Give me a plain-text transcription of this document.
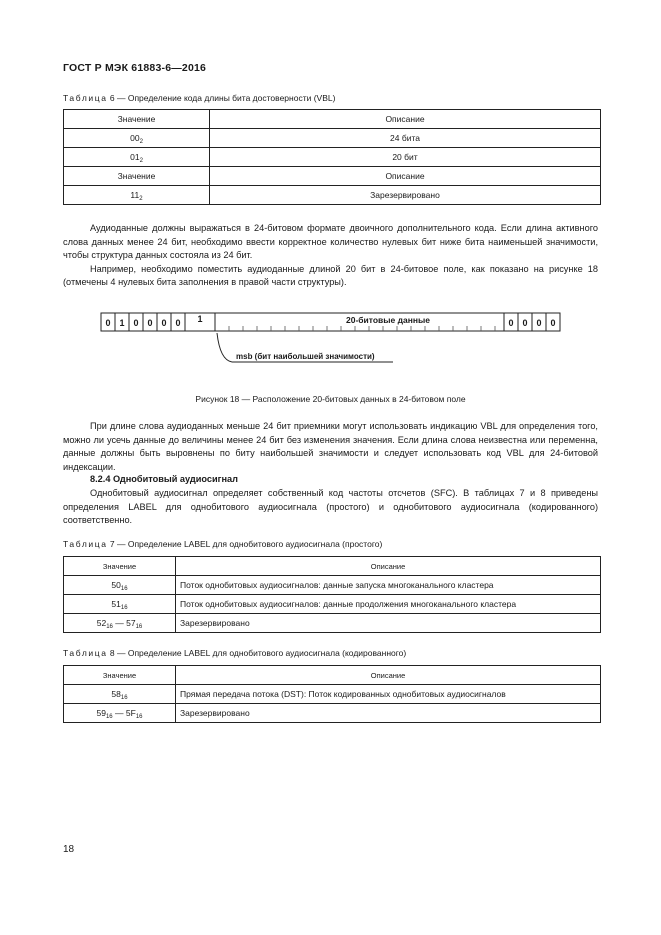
ГОСТ Р МЭК 61883-6—2016
Таблица 6 — Определение кода длины бита достоверности (VBL)
Значение	Описание
$00_2$	24 бита
$01_2$	20 бит
Значение	Описание
$11_2$	Зарезервировано

Аудиоданные должны выражаться в 24-битовом формате двоичного дополнительного кода. Если длина активного слова данных менее 24 бит, необходимо ввести корректное количество нулевых бит ниже бита наименьшей значимости, чтобы структура данных состояла из 24 бит.

Например, необходимо поместить аудиоданные длиной 20 бит в 24-битовое поле, как показано на рисунке 18 (отмечены 4 нулевых бита заполнения в правой части структуры).

0 1 0 0 0 0 1	0 0 0 0
20-битовые данные
msb (бит наибольшей значимости)
Рисунок 18 — Расположение 20-битовых данных в 24-битовом поле

При длине слова аудиоданных меньше 24 бит приемники могут использовать индикацию VBL для определения того, можно ли усечь данные до величины менее 24 бит без изменения значения. Если длина слова неизвестна или переменна, данные должны быть выровнены по биту наибольшей значимости и следует использовать код VBL для 24-битовой индексации.

8.2.4 Однобитовый аудиосигнал

Однобитовый аудиосигнал определяет собственный код частоты отсчетов (SFC). В таблицах 7 и 8 приведены определения LABEL для однобитового аудиосигнала (простого) и однобитового аудиосигнала (кодированного) соответственно.

Таблица 7 — Определение LABEL для однобитового аудиосигнала (простого)
Значение	Описание
$50_{16}$	Поток однобитовых аудиосигналов: данные запуска многоканального кластера
$51_{16}$	Поток однобитовых аудиосигналов: данные продолжения многоканального кластера
$52_{16}$ — $57_{16}$	Зарезервировано
Таблица 8 — Определение LABEL для однобитового аудиосигнала (кодированного)
Значение	Описание
$58_{16}$	Прямая передача потока (DST): Поток кодированных однобитовых аудиосигналов
$59_{16}$ — $5F_{16}$	Зарезервировано
18
